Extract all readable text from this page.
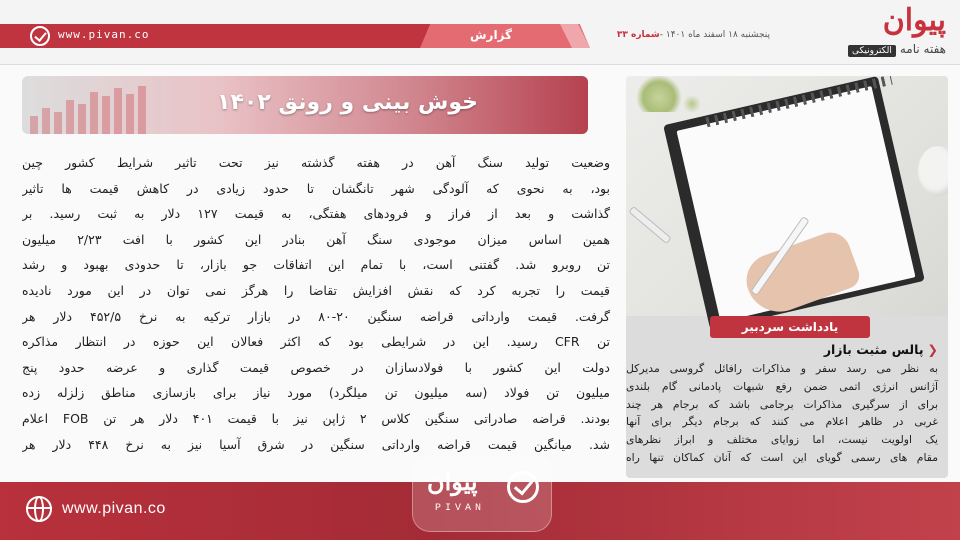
www.pivan.co	گزارش	پنجشنبه ۱۸ اسفند ماه ۱۴۰۱ -شماره ۳۳	پیوان
هفته نامهالکترونیکی
خوش بینی و رونق ۱۴۰۲

وضعیت تولید سنگ آهن در هفته گذشته نیز تحت تاثیر شرایط کشور چین

بود، به نحوی که آلودگی شهر تانگشان تا حدود زیادی در کاهش قیمت ها تاثیر

گذاشت و بعد از فراز و فرودهای هفتگی، به قیمت ۱۲۷ دلار به ثبت رسید. بر

همین اساس میزان موجودی سنگ آهن بنادر این کشور با افت ۲/۲۳ میلیون

تن روبرو شد. گفتنی است، با تمام این اتفاقات جو بازار، تا حدودی بهبود و رشد

قیمت را تجربه کرد که نقش افزایش تقاضا را هرگز نمی توان در این مورد نادیده

گرفت. قیمت وارداتی قراضه سنگین ۲۰-۸۰ در بازار ترکیه به نرخ ۴۵۲/۵ دلار هر

تن CFR رسید. این در شرایطی بود که اکثر فعالان این حوزه در انتظار مذاکره

دولت این کشور با فولادسازان در خصوص قیمت گذاری و عرضه حدود پنج

میلیون تن فولاد (سه میلیون تن میلگرد) مورد نیاز برای بازسازی مناطق زلزله زده

بودند. قراضه صادراتی سنگین کلاس ۲ ژاپن نیز با قیمت ۴۰۱ دلار هر تن FOB اعلام

شد. میانگین قیمت قراضه وارداتی سنگین در شرق آسیا نیز به نرخ ۴۴۸ دلار هر

یادداشت سردبیر
❮پالس مثبت بازار

به نظر می رسد سفر و مذاکرات رافائل گروسی مدیرکل

آژانس انرژی اتمی ضمن رفع شبهات پادمانی گام بلندی

برای از سرگیری مذاکرات برجامی باشد که برجام هر چند

غربی در ظاهر اعلام می کنند که برجام دیگر برای آنها

یک اولویت نیست، اما زوایای مختلف و ابراز نظرهای

مقام های رسمی گویای این است که آنان کماکان تنها راه

www.pivan.co
پیوان
PIVAN
